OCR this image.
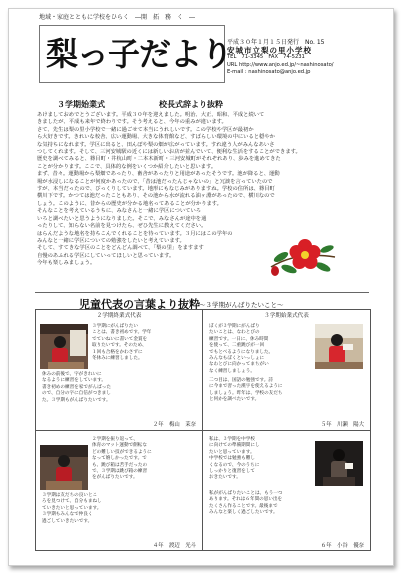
地域・家庭とともに学校をひらく　―開　拓　務　く　―
梨っ子だより
平成３０年１月１５日発行　No. 15
安城市立梨の里小学校
TEL　71-3345　FAX　74-5231
URL http://www.anjo.ed.jp/~nashinosato/
E-mail : nashinosato@anjo.ed.jp
３学期始業式	校長式辞より抜粋
あけましておめでとうございます。平成３０年を迎えました。明治、大正、昭和、平成と続いて
きましたが、平成も来年で終わりです。そう考えると、今年の重みが違います。
さて、先生は梨の里小学校で一緒に過ごせて本当にうれしいです。この学校や学区が最初か
ら大好きです。きれいな校舎、広い運動場、大きな体育館など、すばらしい環境の中にいると穏やか
な気持ちになれます。学区に出ると、田んぼや梨の畑が広がっています。すれ違う人がみんなあいさ
つしてくれます。そして、三河安城駅の近くには新しいお店が並んでいて、便利な生活をすることができます。
歴史を調べてみると、篠目町・井杭山町・二本木新町・三河安城町がそれぞれあり、歩みを進めてきた
ことが分かります。ここで、具体的な例をいくつか紹介したいと思います。
まず、昔々。運動場から梨畑であったり、畜舎があったりと用途があったそうです。池が降ると、運動
場が水浸しになることが何度かあったので、「昔は池だったんじゃないの」と冗談を言っていたので
すが、本当だったので、びっくりしています。地形にもなじみがありますね。学校の住所は、篠目町
横川下です。かつては池だったこともあり、その池から水が流れる油ヶ淵があったので、横川なので
しょう。このように、昔からの歴史が分かる地名ってあることが分かります。
そんなことを考えているうちに、みなさんと一緒に学区についていろ
いろと調べたいと思うようになりました。そこで、みなさんが途中を通
ったりして、知らない名前を見つけたら、ぜひ先生に教えてください。
はらんだような地名を持ちこんでくれることを待っています。３月にはこの学年の
みんなと一緒に学区についての勉強をしたいと考えています。
そして、すてきな学区のことをどんどん調べて、「梨の里」をますます
自慢のあふれる学区にしていってほしいと思っています。
今年も楽しみましょう。
児童代表の言葉より抜粋 ～３学期がんばりたいこと～
２学期終業式代表
３学期にがんばりたい
ことは、書き初めです。学年
でていねいに書いて金賞を
取りたいです。そのため、
１回も合格をかわさずに
冬休みに練習しました。
休みの前後で、字がきれいに
なるように練習をしています。
書き初めの練習を家でがんばった
ので、自分の字に自信がつきまし
た。３学期もがんばりたいです。
２年　梅山　茉奈
３学期始業式代表
ぼくが３学期にがんばり
たいことは、なわとびの
練習です。一日に、休み時間
を使って、二重跳びが一回
でもとべるようになりました。
みんなもぼくといっしょに
なわとびに向かってまちがい
なく練習しましょう。
二つ目は、国語の勉強です。詩
に今まで習った漢字を使えるように
しましょう。昨年は、学校の友だち
と何かを調べたいです。
５年　川瀬　陽大
２学期を振り返って、
体育のマット運動で側転な
どの難しい技ができるように
なって嬉しかったです。で
も、跳び箱は苦手だったの
で、３学期は跳び箱の練習
をがんばりたいです。
３学期は友だちの良いとこ
ろを見つけて、自分もまねし
ていきたいと思っています。
３学期もみんなで仲良く
過ごしていきたいです。
４年　渡辺　光斗
私は、３学期を中学校
に向けての準備期間にし
たいと思っています。
中学校では勉強も難し
くなるので、今のうちに
しっかりと復習をして
おきたいです。
私ががんばりたいことは、もう一つ
あります。それは６年間の思い出を
たくさん作ることです。最後まで
みんなと楽しく過ごしたいです。
６年　小谷　優奈
